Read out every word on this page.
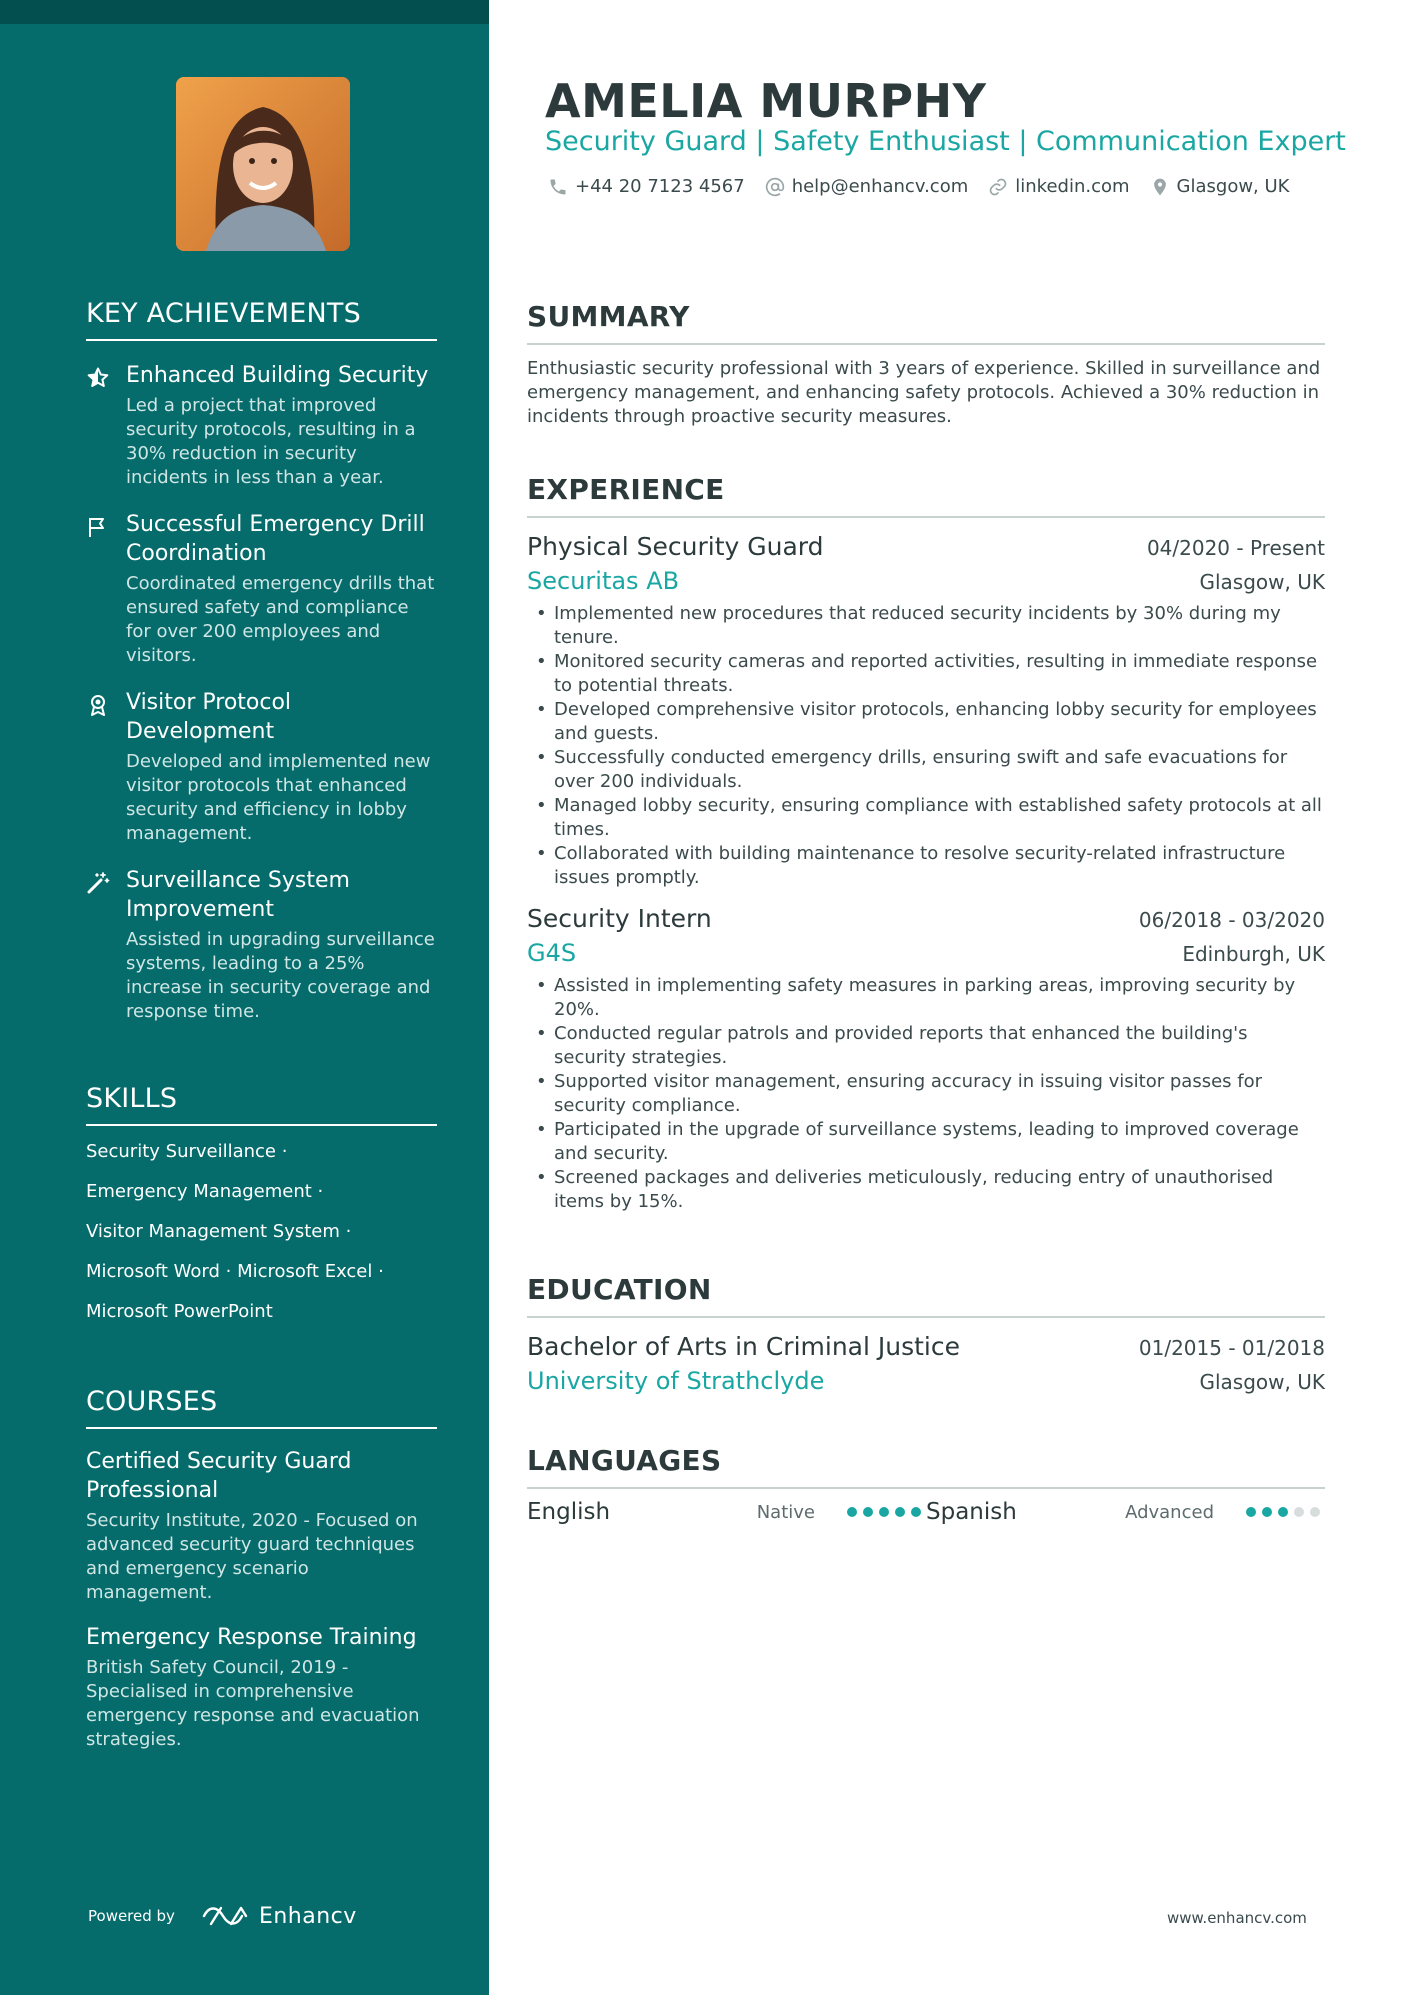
KEY ACHIEVEMENTS
Enhanced Building Security
Led a project that improved security protocols, resulting in a 30% reduction in security incidents in less than a year.
Successful Emergency Drill Coordination
Coordinated emergency drills that ensured safety and compliance for over 200 employees and visitors.
Visitor Protocol Development
Developed and implemented new visitor protocols that enhanced security and efficiency in lobby management.
Surveillance System Improvement
Assisted in upgrading surveillance systems, leading to a 25% increase in security coverage and response time.
SKILLS
Security Surveillance ·
Emergency Management ·
Visitor Management System ·
Microsoft Word · Microsoft Excel ·
Microsoft PowerPoint
COURSES
Certified Security Guard Professional
Security Institute, 2020 - Focused on advanced security guard techniques and emergency scenario management.
Emergency Response Training
British Safety Council, 2019 - Specialised in comprehensive emergency response and evacuation strategies.
Powered by	Enhancv
AMELIA MURPHY
Security Guard | Safety Enthusiast | Communication Expert
+44 20 7123 4567	help@enhancv.com	linkedin.com	Glasgow, UK
SUMMARY

Enthusiastic security professional with 3 years of experience. Skilled in surveillance and emergency management, and enhancing safety protocols. Achieved a 30% reduction in incidents through proactive security measures.

EXPERIENCE
Physical Security Guard	04/2020 - Present
Securitas AB	Glasgow, UK
• Implemented new procedures that reduced security incidents by 30% during my tenure.
• Monitored security cameras and reported activities, resulting in immediate response to potential threats.
• Developed comprehensive visitor protocols, enhancing lobby security for employees and guests.
• Successfully conducted emergency drills, ensuring swift and safe evacuations for over 200 individuals.
• Managed lobby security, ensuring compliance with established safety protocols at all times.
• Collaborated with building maintenance to resolve security-related infrastructure issues promptly.
Security Intern	06/2018 - 03/2020
G4S	Edinburgh, UK
• Assisted in implementing safety measures in parking areas, improving security by 20%.
• Conducted regular patrols and provided reports that enhanced the building's security strategies.
• Supported visitor management, ensuring accuracy in issuing visitor passes for security compliance.
• Participated in the upgrade of surveillance systems, leading to improved coverage and security.
• Screened packages and deliveries meticulously, reducing entry of unauthorised items by 15%.
EDUCATION
Bachelor of Arts in Criminal Justice	01/2015 - 01/2018
University of Strathclyde	Glasgow, UK
LANGUAGES
English	Native	Spanish	Advanced
www.enhancv.com
